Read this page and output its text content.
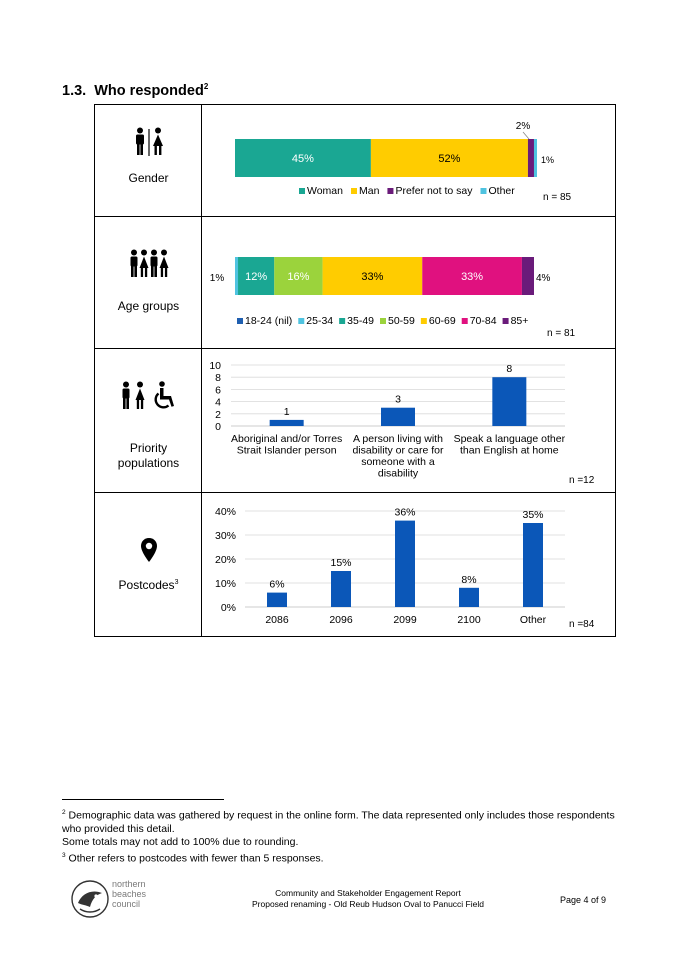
1.3. Who responded$^2$
Gender
45%	52%
2%
1%
Woman Man Prefer not to say Other
n = 85
Age groups
1% 12% 16%	33%	33%	4%
18-24 (nil) 25-34 35-49 50-59 60-69 70-84 85+
n = 81
Priority
populations
0
2
4
6
8
10
1
Aboriginal and/or Torres
Strait Islander person
3
A person living with
disability or care for
someone with a
disability
8
Speak a language other
than English at home
n =12
Postcodes$^3$
0%
10%
20%
30%
40%
6%
2086
15%
2096
36%
2099
8%
2100
35%
Other n =84
$^2$ Demographic data was gathered by request in the online form. The data represented only includes those respondents who provided this detail.
Some totals may not add to 100% due to rounding.
$^3$ Other refers to postcodes with fewer than 5 responses.
northern
beaches
council
Community and Stakeholder Engagement Report
Proposed renaming - Old Reub Hudson Oval to Panucci Field	Page 4 of 9
